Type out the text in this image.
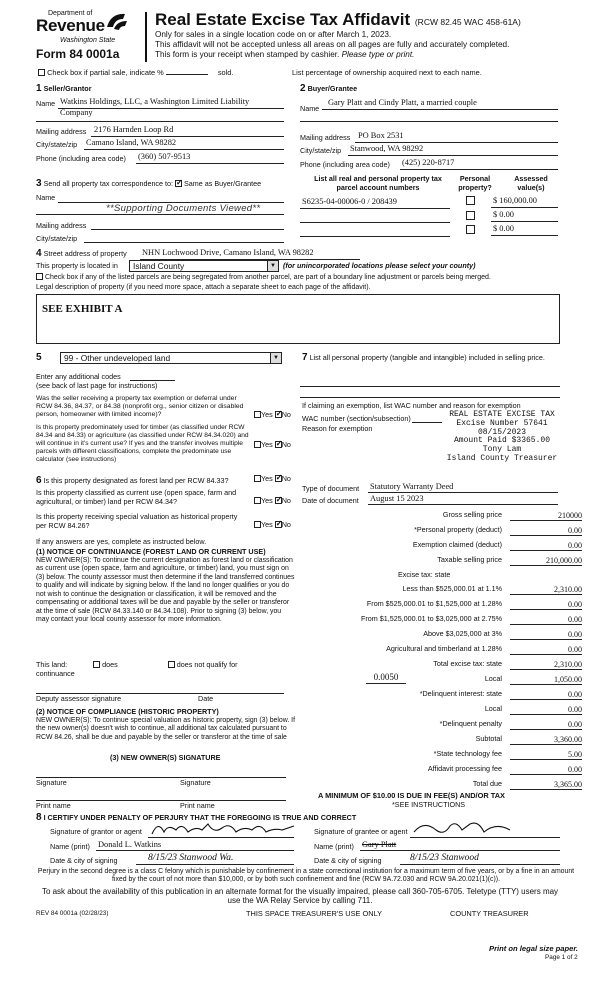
Department of
Revenue
Washington State
Form 84 0001a
Real Estate Excise Tax Affidavit (RCW 82.45 WAC 458-61A)
Only for sales in a single location code on or after March 1, 2023.
This affidavit will not be accepted unless all areas on all pages are fully and accurately completed.
This form is your receipt when stamped by cashier. Please type or print.
Check box if partial sale, indicate %	sold.	List percentage of ownership acquired next to each name.
1 Seller/Grantor
Name Watkins Holdings, LLC, a Washington Limited Liability
Company
Mailing address 2176 Harnden Loop Rd
City/state/zip Camano Island, WA 98282
Phone (including area code) (360) 507-9513
2 Buyer/Grantee
Gary Platt and Cindy Platt, a married couple
Name
Mailing address PO Box 2531
City/state/zip Stanwood, WA 98292
Phone (including area code) (425) 220-8717
3 Send all property tax correspondence to: ✓ Same as Buyer/Grantee
Name
**Supporting Documents Viewed**
Mailing address
City/state/zip
List all real and personal property tax parcel account numbers
Personal property?
Assessed value(s)
S6235-04-00006-0 / 208439	$ 160,000.00
$ 0.00
$ 0.00
4 Street address of property NHN Lochwood Drive, Camano Island, WA 98282
This property is located in	Island County	▼ (for unincorporated locations please select your county)
Check box if any of the listed parcels are being segregated from another parcel, are part of a boundary line adjustment or parcels being merged.
Legal description of property (if you need more space, attach a separate sheet to each page of the affidavit).
SEE EXHIBIT A
5	99 - Other undeveloped land	▼
Enter any additional codes
(see back of last page for instructions)
Was the seller receiving a property tax exemption or deferral under RCW 84.36, 84.37, or 84.38 (nonprofit org., senior citizen or disabled person, homeowner with limited income)?	Yes ✓ No
Is this property predominately used for timber (as classified under RCW 84.34 and 84.33) or agriculture (as classified under RCW 84.34.020) and will continue in it's current use? If yes and the transfer involves multiple parcels with different classifications, complete the predominate use calculator (see instructions)
Yes ✓ No
6 Is this property designated as forest land per RCW 84.33?	Yes ✓ No
Is this property classified as current use (open space, farm and agricultural, or timber) land per RCW 84.34?	Yes ✓ No
Is this property receiving special valuation as historical property per RCW 84.26?	Yes ✓ No
If any answers are yes, complete as instructed below.
(1) NOTICE OF CONTINUANCE (FOREST LAND OR CURRENT USE)
NEW OWNER(S): To continue the current designation as forest land or classification as current use (open space, farm and agriculture, or timber) land, you must sign on (3) below. The county assessor must then determine if the land transferred continues to qualify and will indicate by signing below. If the land no longer qualifies or you do not wish to continue the designation or classification, it will be removed and the compensating or additional taxes will be due and payable by the seller or transferor at the time of sale (RCW 84.33.140 or 84.34.108). Prior to signing (3) below, you may contact your local county assessor for more information.
This land:	does	does not qualify for
continuance
Deputy assessor signature	Date
(2) NOTICE OF COMPLIANCE (HISTORIC PROPERTY)
NEW OWNER(S): To continue special valuation as historic property, sign (3) below. If the new owner(s) doesn't wish to continue, all additional tax calculated pursuant to RCW 84.26, shall be due and payable by the seller or transferor at the time of sale
(3) NEW OWNER(S) SIGNATURE
Signature	Signature
Print name	Print name
7 List all personal property (tangible and intangible) included in selling price.
If claiming an exemption, list WAC number and reason for exemption
WAC number (section/subsection)
Reason for exemption
REAL ESTATE EXCISE TAX
Excise Number 57641
08/15/2023
Amount Paid $3365.00
Tony Lam
Island County Treasurer
Type of document Statutory Warranty Deed
Date of document August 15 2023
Gross selling price	210000
*Personal property (deduct)	0.00
Exemption claimed (deduct)	0.00
Taxable selling price	210,000.00
Excise tax: state
Less than $525,000.01 at 1.1%	2,310.00
From $525,000.01 to $1,525,000 at 1.28%	0.00
From $1,525,000.01 to $3,025,000 at 2.75%	0.00
Above $3,025,000 at 3%	0.00
Agricultural and timberland at 1.28%	0.00
Total excise tax: state	2,310.00
0.0050	Local	1,050.00
*Delinquent interest: state	0.00
Local	0.00
*Delinquent penalty	0.00
Subtotal	3,360.00
*State technology fee	5.00
Affidavit processing fee	0.00
Total due	3,365.00
A MINIMUM OF $10.00 IS DUE IN FEE(S) AND/OR TAX
*SEE INSTRUCTIONS
8 I CERTIFY UNDER PENALTY OF PERJURY THAT THE FOREGOING IS TRUE AND CORRECT
Signature of grantor or agent	Signature of grantee or agent
Name (print) Donald L. Watkins	Name (print) Gary Platt
Date & city of signing	8/15/23 Stanwood Wa.	Date & city of signing	8/15/23 Stanwood
Perjury in the second degree is a class C felony which is punishable by confinement in a state correctional institution for a maximum term of five years, or by a fine in an amount fixed by the court of not more than $10,000, or by both such confinement and fine (RCW 9A.72.030 and RCW 9A.20.021(1)(c)).
To ask about the availability of this publication in an alternate format for the visually impaired, please call 360-705-6705. Teletype (TTY) users may use the WA Relay Service by calling 711.
REV 84 0001a (02/28/23)	THIS SPACE TREASURER'S USE ONLY	COUNTY TREASURER
Print on legal size paper.
Page 1 of 2
